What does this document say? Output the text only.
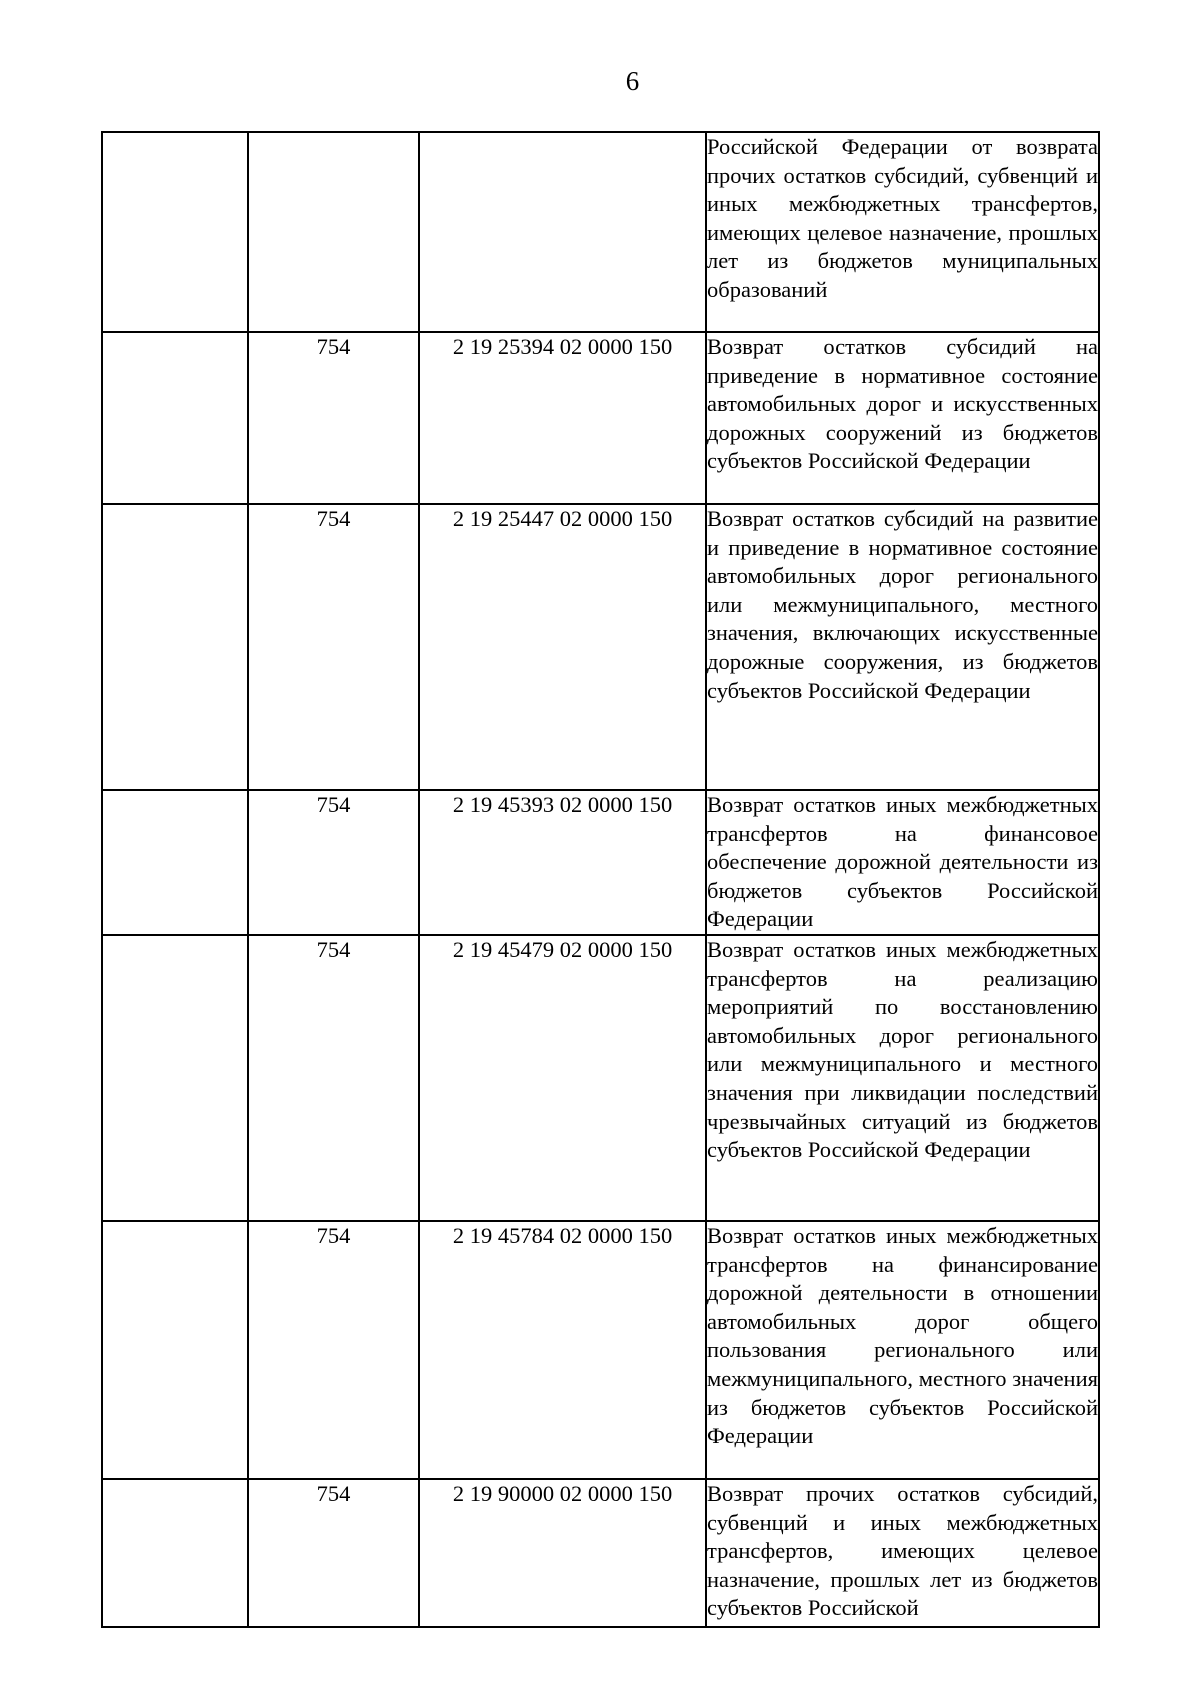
6
			Российской Федерации от возврата прочих остатков субсидий, субвенций и иных межбюджетных трансфертов, имеющих целевое назначение, прошлых лет из бюджетов муниципальных образований
	754	2 19 25394 02 0000 150	Возврат остатков субсидий на приведение в нормативное состояние автомобильных дорог и искусственных дорожных сооружений из бюджетов субъектов Российской Федерации
	754	2 19 25447 02 0000 150	Возврат остатков субсидий на развитие и приведение в нормативное состояние автомобильных дорог регионального или межмуниципального, местного значения, включающих искусственные дорожные сооружения, из бюджетов субъектов Российской Федерации
	754	2 19 45393 02 0000 150	Возврат остатков иных межбюджетных трансфертов на финансовое обеспечение дорожной деятельности из бюджетов субъектов Российской Федерации
	754	2 19 45479 02 0000 150	Возврат остатков иных межбюджетных трансфертов на реализацию мероприятий по восстановлению автомобильных дорог регионального или межмуниципального и местного значения при ликвидации последствий чрезвычайных ситуаций из бюджетов субъектов Российской Федерации
	754	2 19 45784 02 0000 150	Возврат остатков иных межбюджетных трансфертов на финансирование дорожной деятельности в отношении автомобильных дорог общего пользования регионального или межмуниципального, местного значения из бюджетов субъектов Российской Федерации
	754	2 19 90000 02 0000 150	Возврат прочих остатков субсидий, субвенций и иных межбюджетных трансфертов, имеющих целевое назначение, прошлых лет из бюджетов субъектов Российской
